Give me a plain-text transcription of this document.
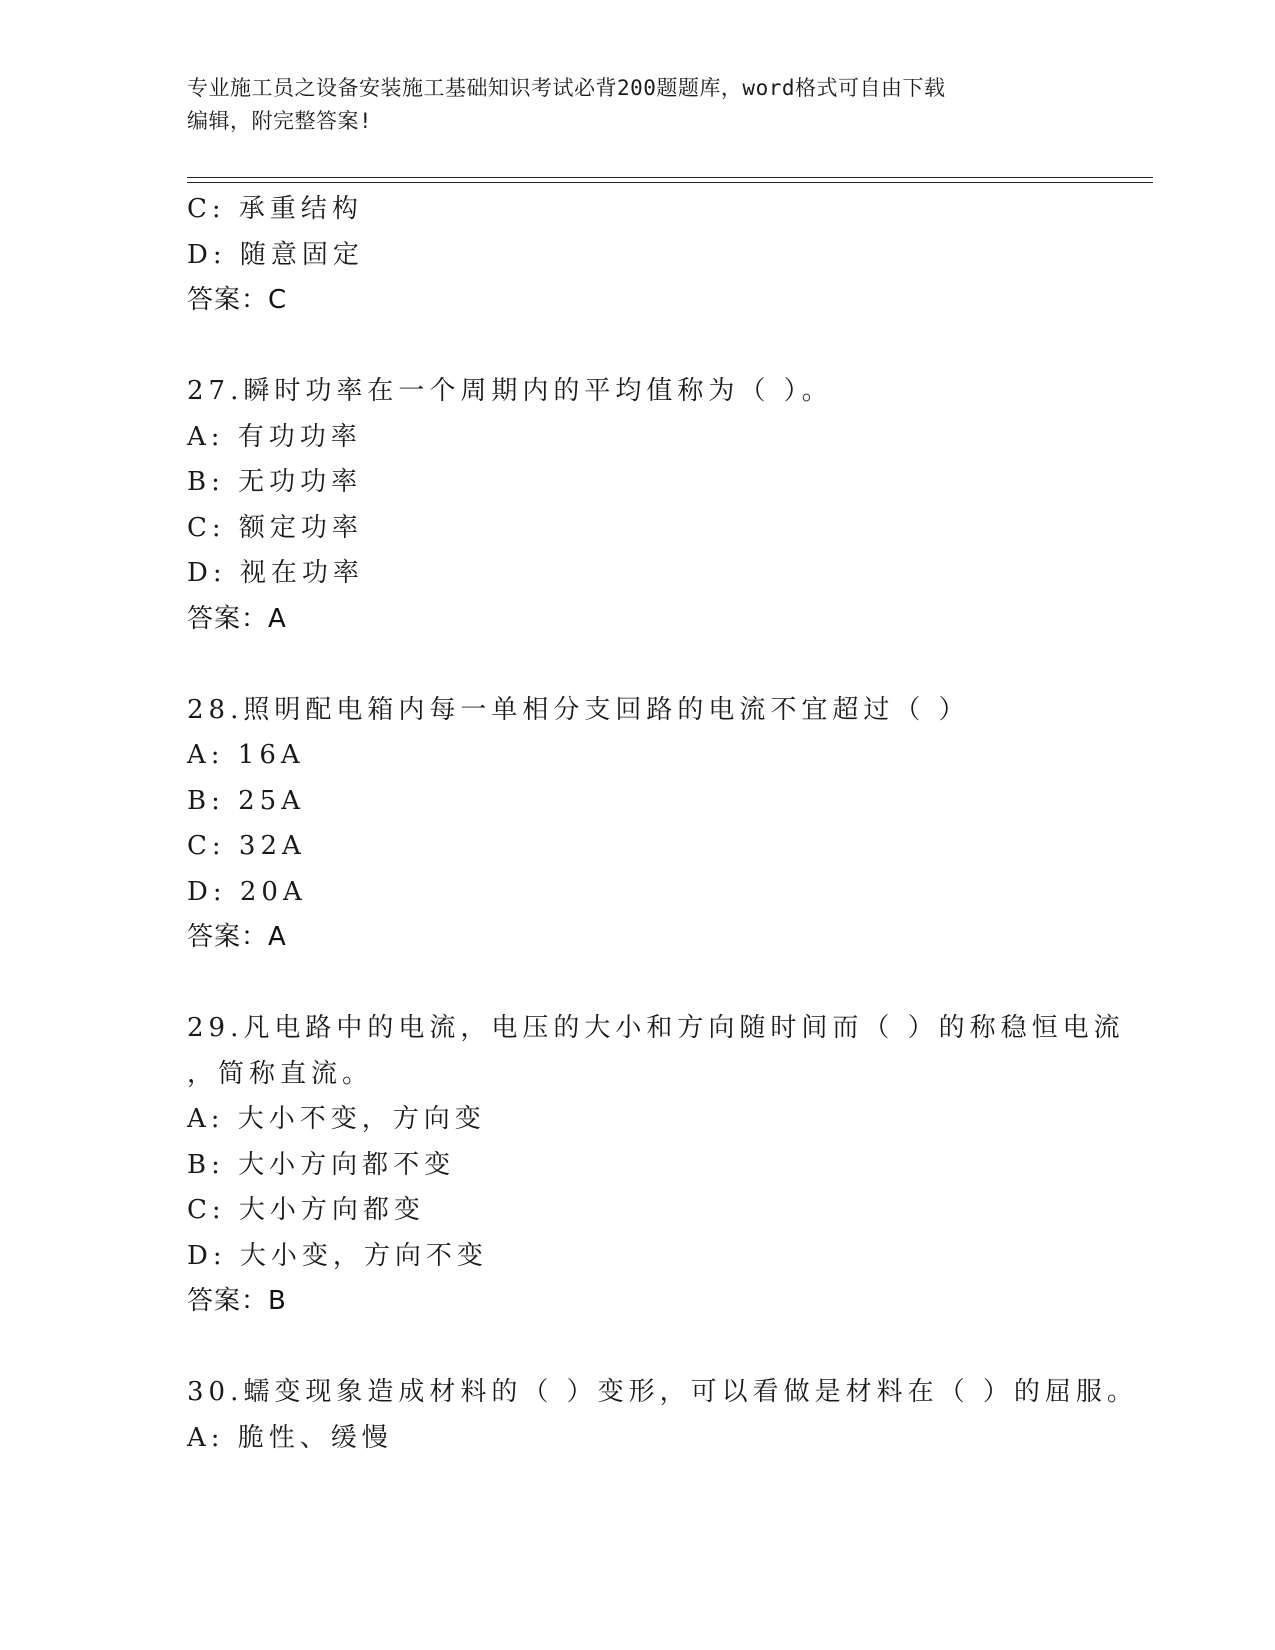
专业施工员之设备安装施工基础知识考试必背200题题库，word格式可自由下载
编辑，附完整答案!
C: 承重结构
D: 随意固定
答案：C
27.瞬时功率在一个周期内的平均值称为（ ）。
A: 有功功率
B: 无功功率
C: 额定功率
D: 视在功率
答案：A
28.照明配电箱内每一单相分支回路的电流不宜超过（ ）
A: 16A
B: 25A
C: 32A
D: 20A
答案：A
29.凡电路中的电流，电压的大小和方向随时间而（ ）的称稳恒电流
，简称直流。
A: 大小不变，方向变
B: 大小方向都不变
C: 大小方向都变
D: 大小变，方向不变
答案：B
30.蠕变现象造成材料的（ ）变形，可以看做是材料在（ ）的屈服。
A: 脆性、缓慢
